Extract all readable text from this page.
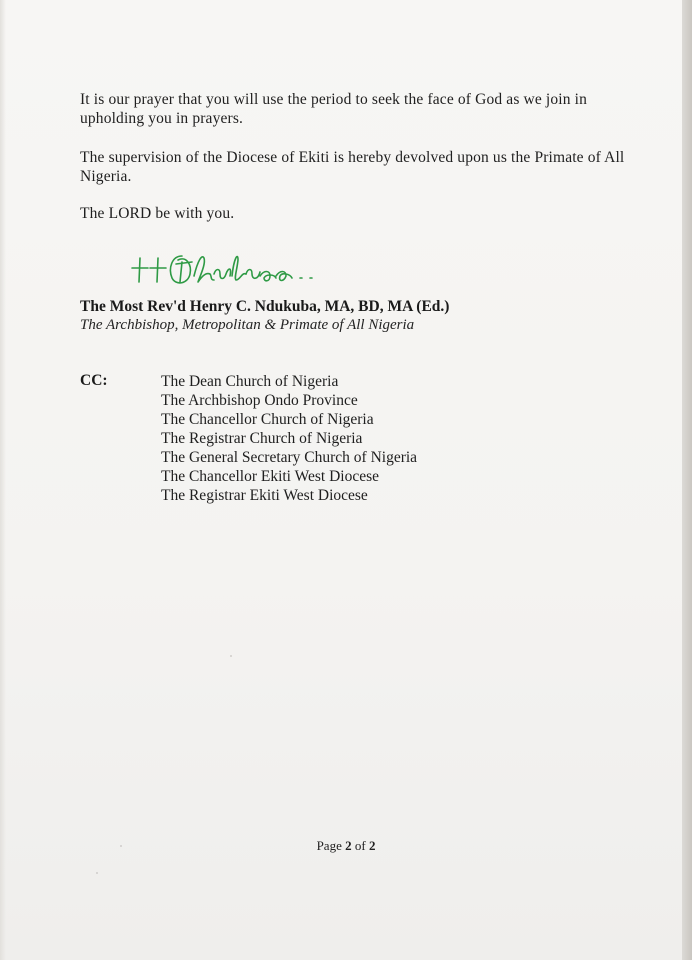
It is our prayer that you will use the period to seek the face of God as we join in upholding you in prayers.

The supervision of the Diocese of Ekiti is hereby devolved upon us the Primate of All Nigeria.

The LORD be with you.

The Most Rev'd Henry C. Ndukuba, MA, BD, MA (Ed.)
The Archbishop, Metropolitan & Primate of All Nigeria
CC:	The Dean Church of Nigeria
The Archbishop Ondo Province
The Chancellor Church of Nigeria
The Registrar Church of Nigeria
The General Secretary Church of Nigeria
The Chancellor Ekiti West Diocese
The Registrar Ekiti West Diocese
Page 2 of 2
